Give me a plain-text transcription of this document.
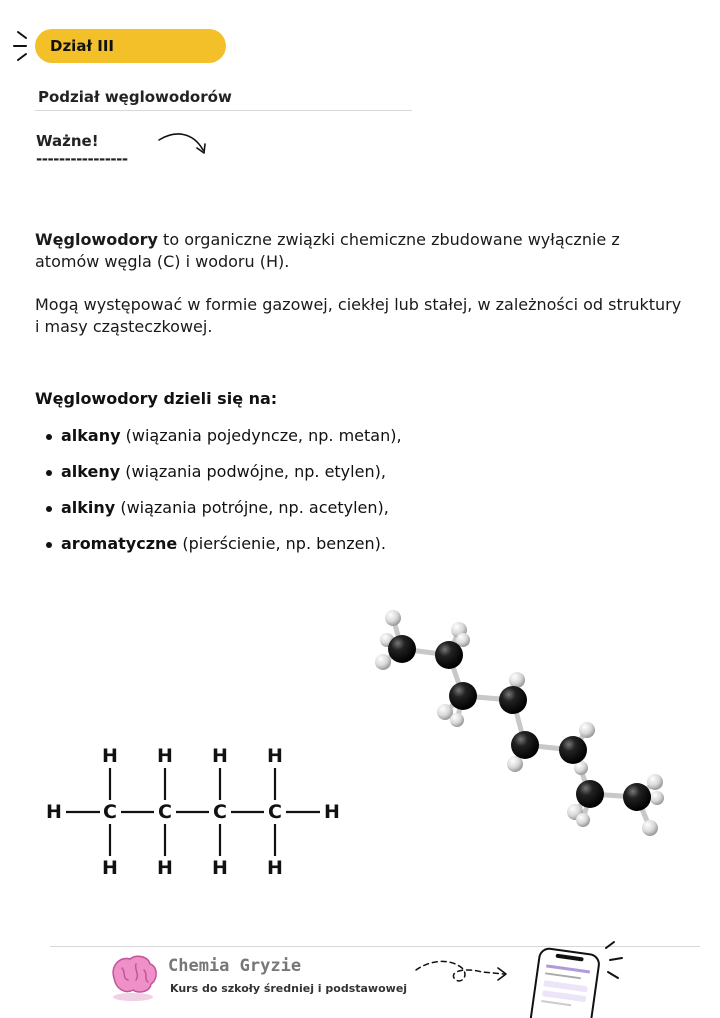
Dział III
Podział węglowodorów
Ważne!
----------------
Węglowodory to organiczne związki chemiczne zbudowane wyłącznie z atomów węgla (C) i wodoru (H).
Mogą występować w formie gazowej, ciekłej lub stałej, w zależności od struktury i masy cząsteczkowej.
Węglowodory dzieli się na:
alkany (wiązania pojedyncze, np. metan),
alkeny (wiązania podwójne, np. etylen),
alkiny (wiązania potrójne, np. acetylen),
aromatyczne (pierścienie, np. benzen).
H C
H
H
C
H
H
C
H
H
C
H
H
H
Chemia Gryzie
Kurs do szkoły średniej i podstawowej
